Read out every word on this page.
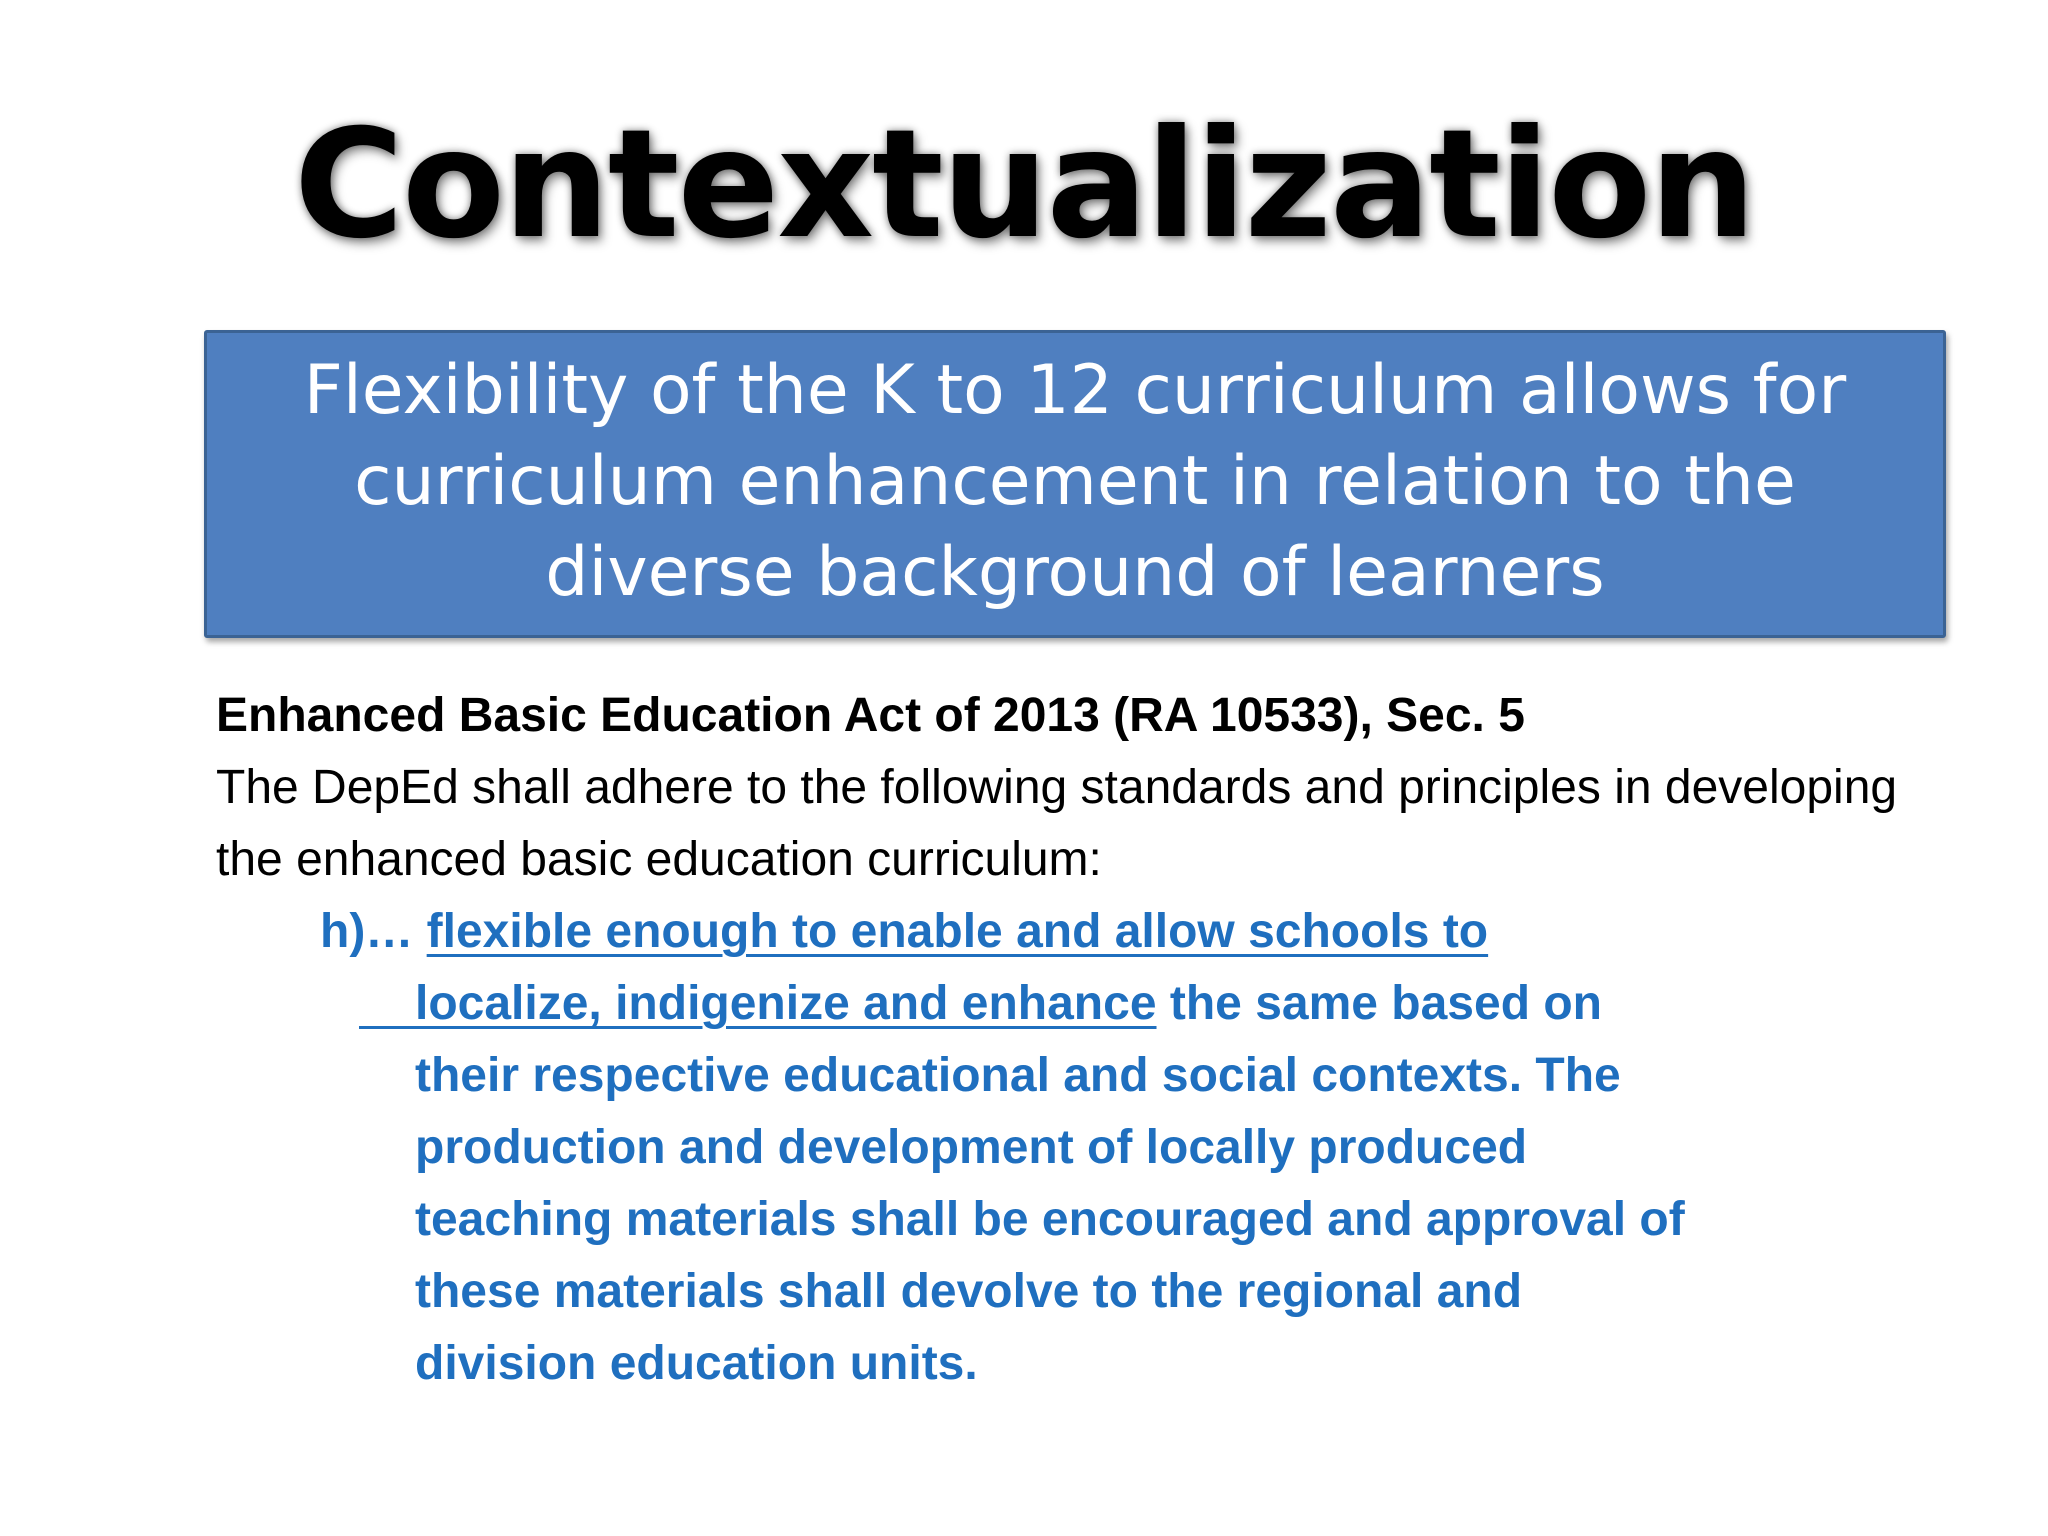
Contextualization
Flexibility of the K to 12 curriculum allows for curriculum enhancement in relation to the diverse background of learners
Enhanced Basic Education Act of 2013 (RA 10533), Sec. 5
The DepEd shall adhere to the following standards and principles in developing the enhanced basic education curriculum:
h)… flexible enough to enable and allow schools to
localize, indigenize and enhance the same based on
their respective educational and social contexts. The
production and development of locally produced
teaching materials shall be encouraged and approval of
these materials shall devolve to the regional and
division education units.
